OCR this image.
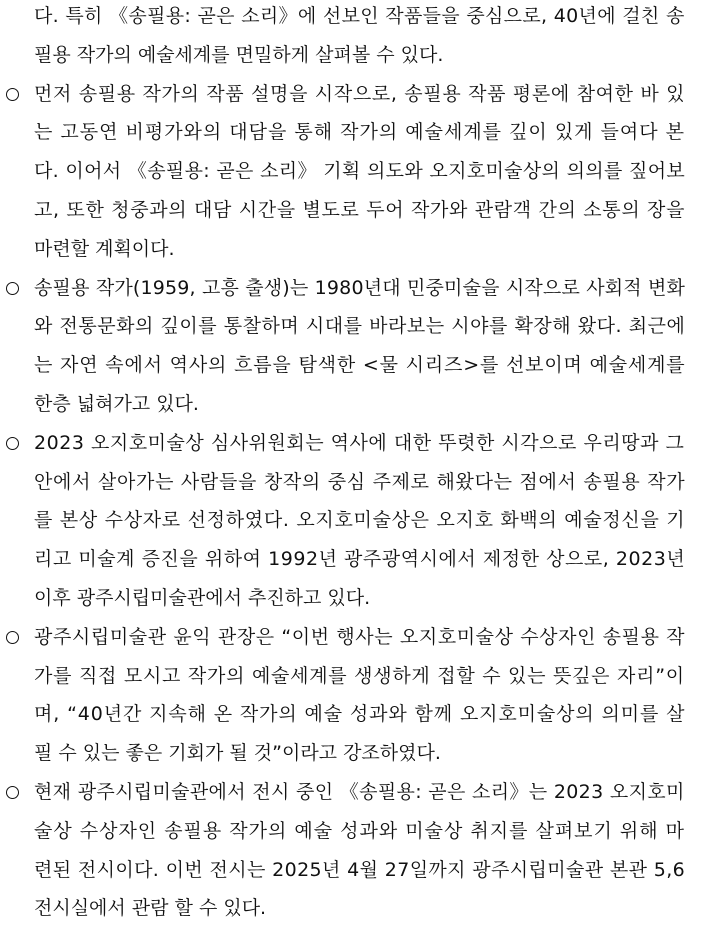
다. 특히 《송필용: 곧은 소리》에 선보인 작품들을 중심으로, 40년에 걸친 송
필용 작가의 예술세계를 면밀하게 살펴볼 수 있다.
먼저 송필용 작가의 작품 설명을 시작으로, 송필용 작품 평론에 참여한 바 있
는 고동연 비평가와의 대담을 통해 작가의 예술세계를 깊이 있게 들여다 본
다. 이어서 《송필용: 곧은 소리》 기획 의도와 오지호미술상의 의의를 짚어보
고, 또한 청중과의 대담 시간을 별도로 두어 작가와 관람객 간의 소통의 장을
마련할 계획이다.
송필용 작가(1959, 고흥 출생)는 1980년대 민중미술을 시작으로 사회적 변화
와 전통문화의 깊이를 통찰하며 시대를 바라보는 시야를 확장해 왔다. 최근에
는 자연 속에서 역사의 흐름을 탐색한 <물 시리즈>를 선보이며 예술세계를
한층 넓혀가고 있다.
2023 오지호미술상 심사위원회는 역사에 대한 뚜렷한 시각으로 우리땅과 그
안에서 살아가는 사람들을 창작의 중심 주제로 해왔다는 점에서 송필용 작가
를 본상 수상자로 선정하였다. 오지호미술상은 오지호 화백의 예술정신을 기
리고 미술계 증진을 위하여 1992년 광주광역시에서 제정한 상으로, 2023년
이후 광주시립미술관에서 추진하고 있다.
광주시립미술관 윤익 관장은 “이번 행사는 오지호미술상 수상자인 송필용 작
가를 직접 모시고 작가의 예술세계를 생생하게 접할 수 있는 뜻깊은 자리”이
며, “40년간 지속해 온 작가의 예술 성과와 함께 오지호미술상의 의미를 살
필 수 있는 좋은 기회가 될 것”이라고 강조하였다.
현재 광주시립미술관에서 전시 중인 《송필용: 곧은 소리》는 2023 오지호미
술상 수상자인 송필용 작가의 예술 성과와 미술상 취지를 살펴보기 위해 마
련된 전시이다. 이번 전시는 2025년 4월 27일까지 광주시립미술관 본관 5,6
전시실에서 관람 할 수 있다.
